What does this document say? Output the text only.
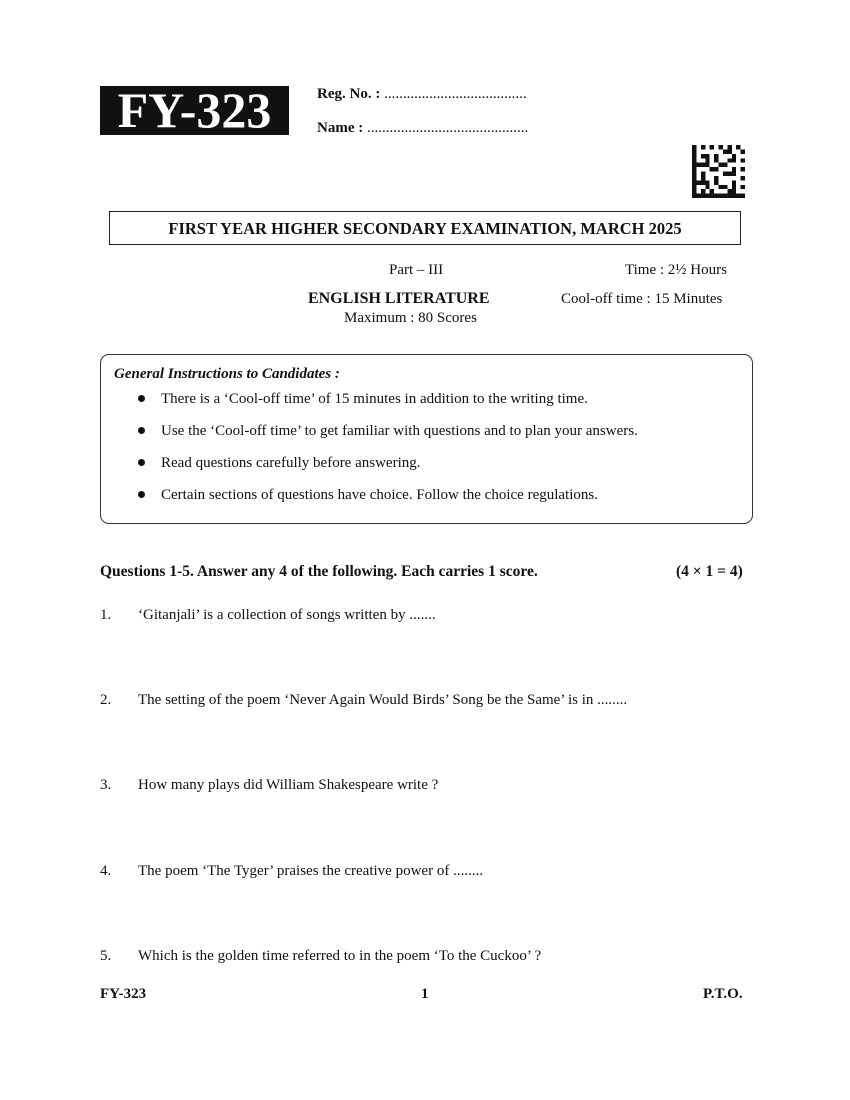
FY-323	Reg. No. : ......................................
Name : ...........................................
FIRST YEAR HIGHER SECONDARY EXAMINATION, MARCH 2025
Part – III	Time : 2½ Hours
ENGLISH LITERATURE	Cool-off time : 15 Minutes
Maximum : 80 Scores
General Instructions to Candidates :
There is a ‘Cool-off time’ of 15 minutes in addition to the writing time.
Use the ‘Cool-off time’ to get familiar with questions and to plan your answers.
Read questions carefully before answering.
Certain sections of questions have choice. Follow the choice regulations.
Questions 1-5. Answer any 4 of the following. Each carries 1 score.	(4 × 1 = 4)
1. ‘Gitanjali’ is a collection of songs written by .......
2. The setting of the poem ‘Never Again Would Birds’ Song be the Same’ is in ........
3. How many plays did William Shakespeare write ?
4. The poem ‘The Tyger’ praises the creative power of ........
5. Which is the golden time referred to in the poem ‘To the Cuckoo’ ?
FY-323	1	P.T.O.
